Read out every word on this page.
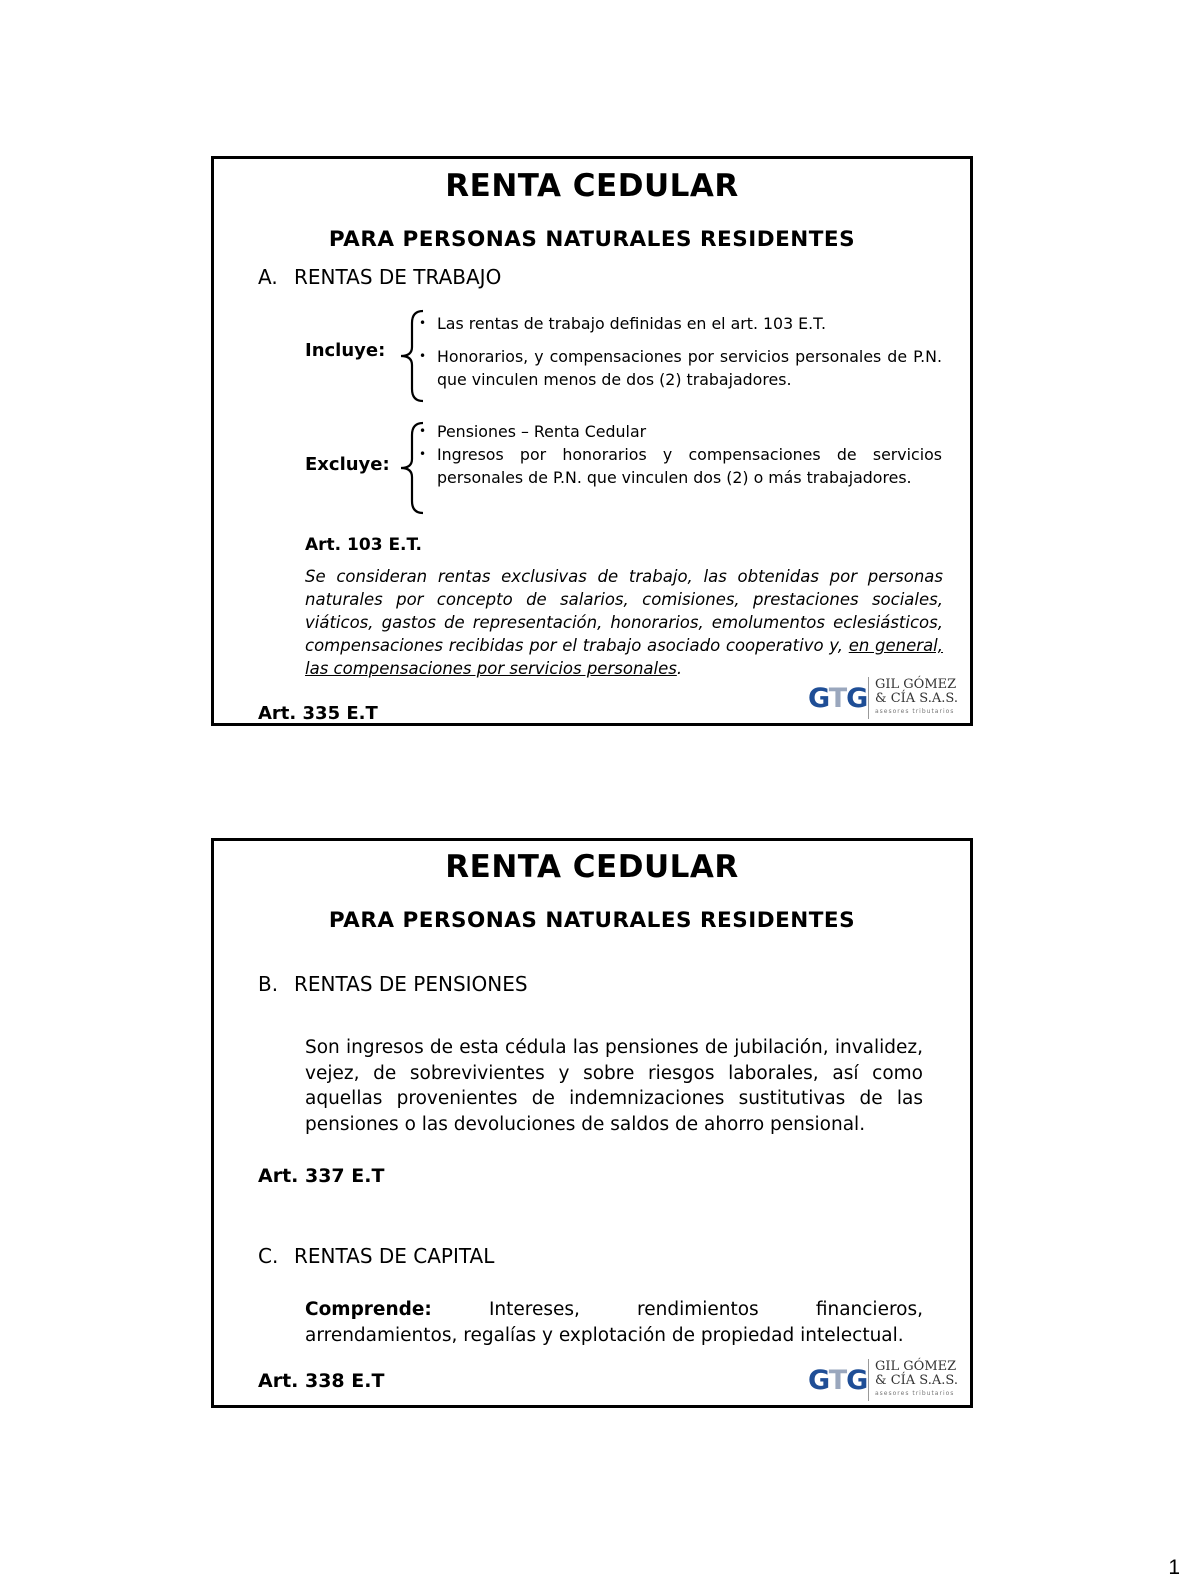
RENTA CEDULAR
PARA PERSONAS NATURALES RESIDENTES
A. RENTAS DE TRABAJO
Incluye:
• Las rentas de trabajo definidas en el art. 103 E.T.
• Honorarios, y compensaciones por servicios personales de P.N. que vinculen menos de dos (2) trabajadores.
Excluye:
• Pensiones – Renta Cedular
• Ingresos por honorarios y compensaciones de servicios personales de P.N. que vinculen dos (2) o más trabajadores.
Art. 103 E.T.

Se consideran rentas exclusivas de trabajo, las obtenidas por personas naturales por concepto de salarios, comisiones, prestaciones sociales, viáticos, gastos de representación, honorarios, emolumentos eclesiásticos, compensaciones recibidas por el trabajo asociado cooperativo y, en general, las compensaciones por servicios personales.

Art. 335 E.T	GTG GIL GÓMEZ
& CÍA S.A.S.
asesores tributarios
RENTA CEDULAR
PARA PERSONAS NATURALES RESIDENTES
B. RENTAS DE PENSIONES

Son ingresos de esta cédula las pensiones de jubilación, invalidez, vejez, de sobrevivientes y sobre riesgos laborales, así como aquellas provenientes de indemnizaciones sustitutivas de las pensiones o las devoluciones de saldos de ahorro pensional.

Art. 337 E.T
C. RENTAS DE CAPITAL

Comprende: Intereses, rendimientos financieros, arrendamientos, regalías y explotación de propiedad intelectual.

Art. 338 E.T	GTG GIL GÓMEZ
& CÍA S.A.S.
asesores tributarios
1
